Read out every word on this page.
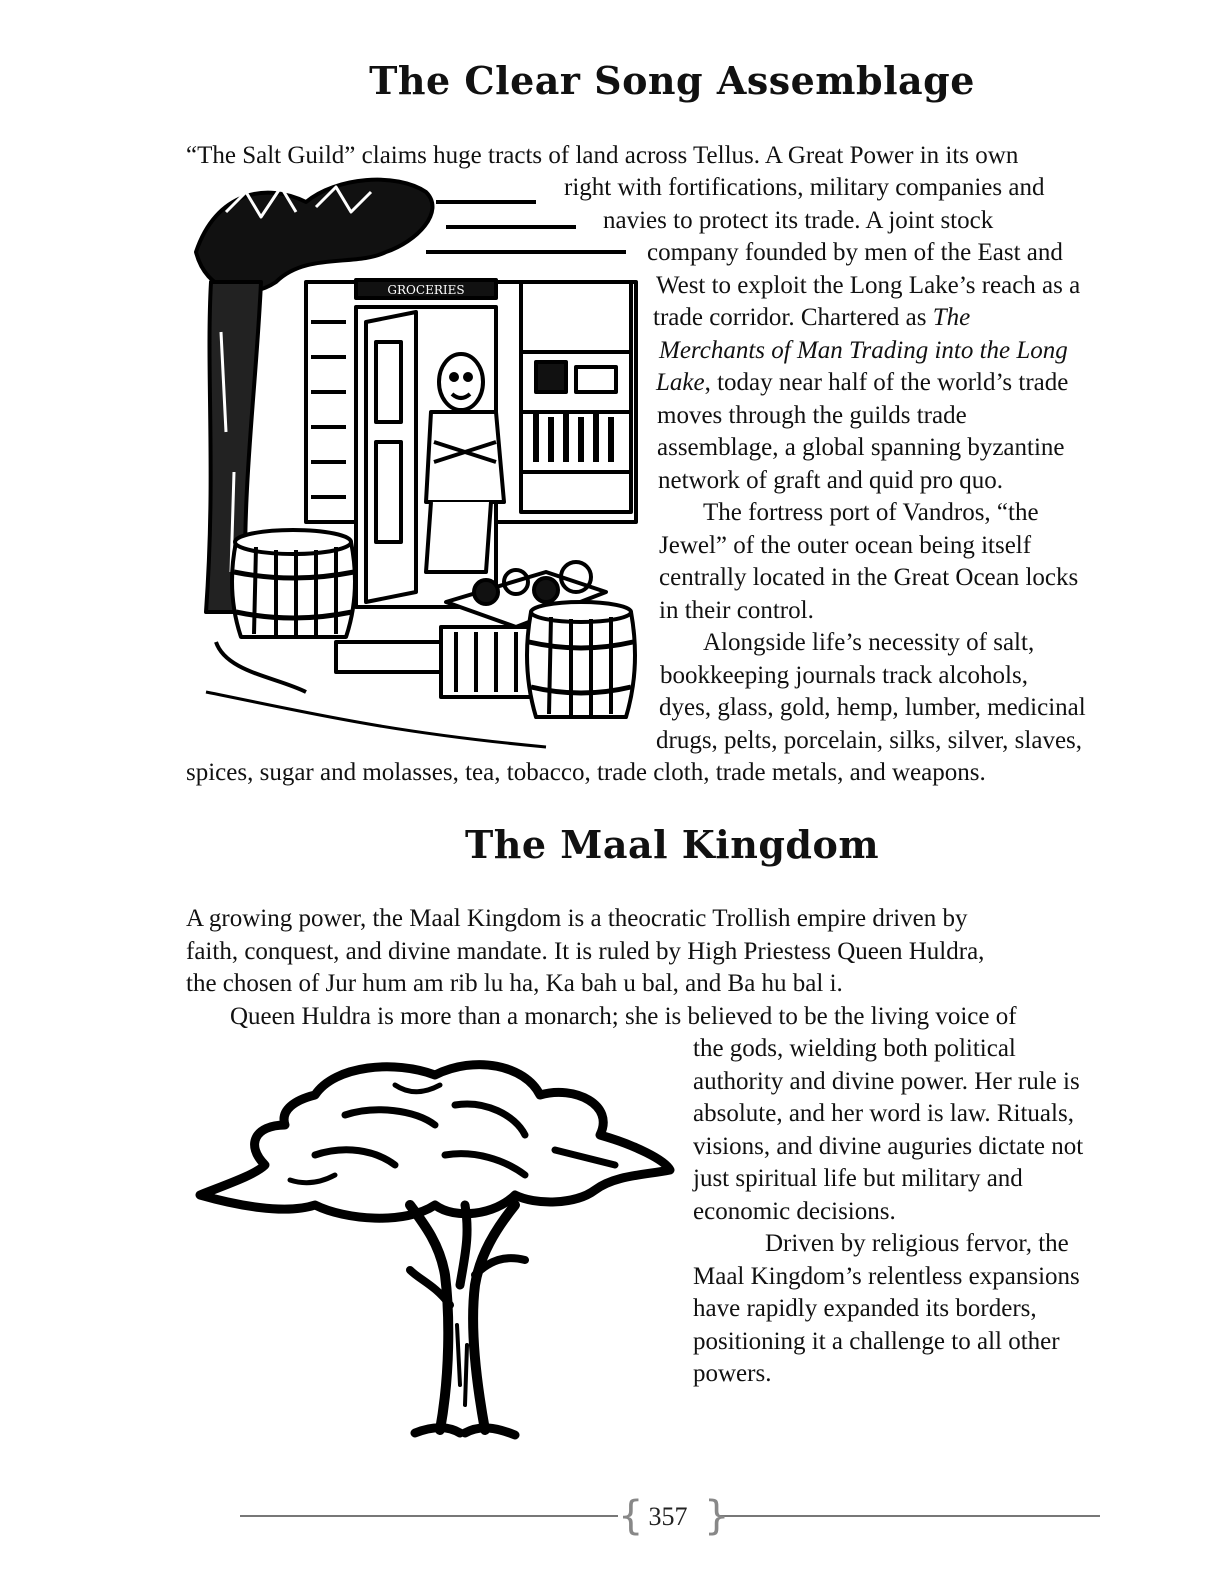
The Clear Song Assemblage

“The Salt Guild” claims huge tracts of land across Tellus. A Great Power in its own

right with fortifications, military companies and

navies to protect its trade. A joint stock

company founded by men of the East and

West to exploit the Long Lake’s reach as a

trade corridor. Chartered as The

Merchants of Man Trading into the Long

Lake, today near half of the world’s trade

moves through the guilds trade

assemblage, a global spanning byzantine

network of graft and quid pro quo.

The fortress port of Vandros, “the

Jewel” of the outer ocean being itself

centrally located in the Great Ocean locks

in their control.

Alongside life’s necessity of salt,

bookkeeping journals track alcohols,

dyes, glass, gold, hemp, lumber, medicinal

drugs, pelts, porcelain, silks, silver, slaves,

spices, sugar and molasses, tea, tobacco, trade cloth, trade metals, and weapons.

GROCERIES
The Maal Kingdom

A growing power, the Maal Kingdom is a theocratic Trollish empire driven by

faith, conquest, and divine mandate. It is ruled by High Priestess Queen Huldra,

the chosen of Jur hum am rib lu ha, Ka bah u bal, and Ba hu bal i.

Queen Huldra is more than a monarch; she is believed to be the living voice of

the gods, wielding both political

authority and divine power. Her rule is

absolute, and her word is law. Rituals,

visions, and divine auguries dictate not

just spiritual life but military and

economic decisions.

Driven by religious fervor, the

Maal Kingdom’s relentless expansions

have rapidly expanded its borders,

positioning it a challenge to all other

powers.

{ }
357
